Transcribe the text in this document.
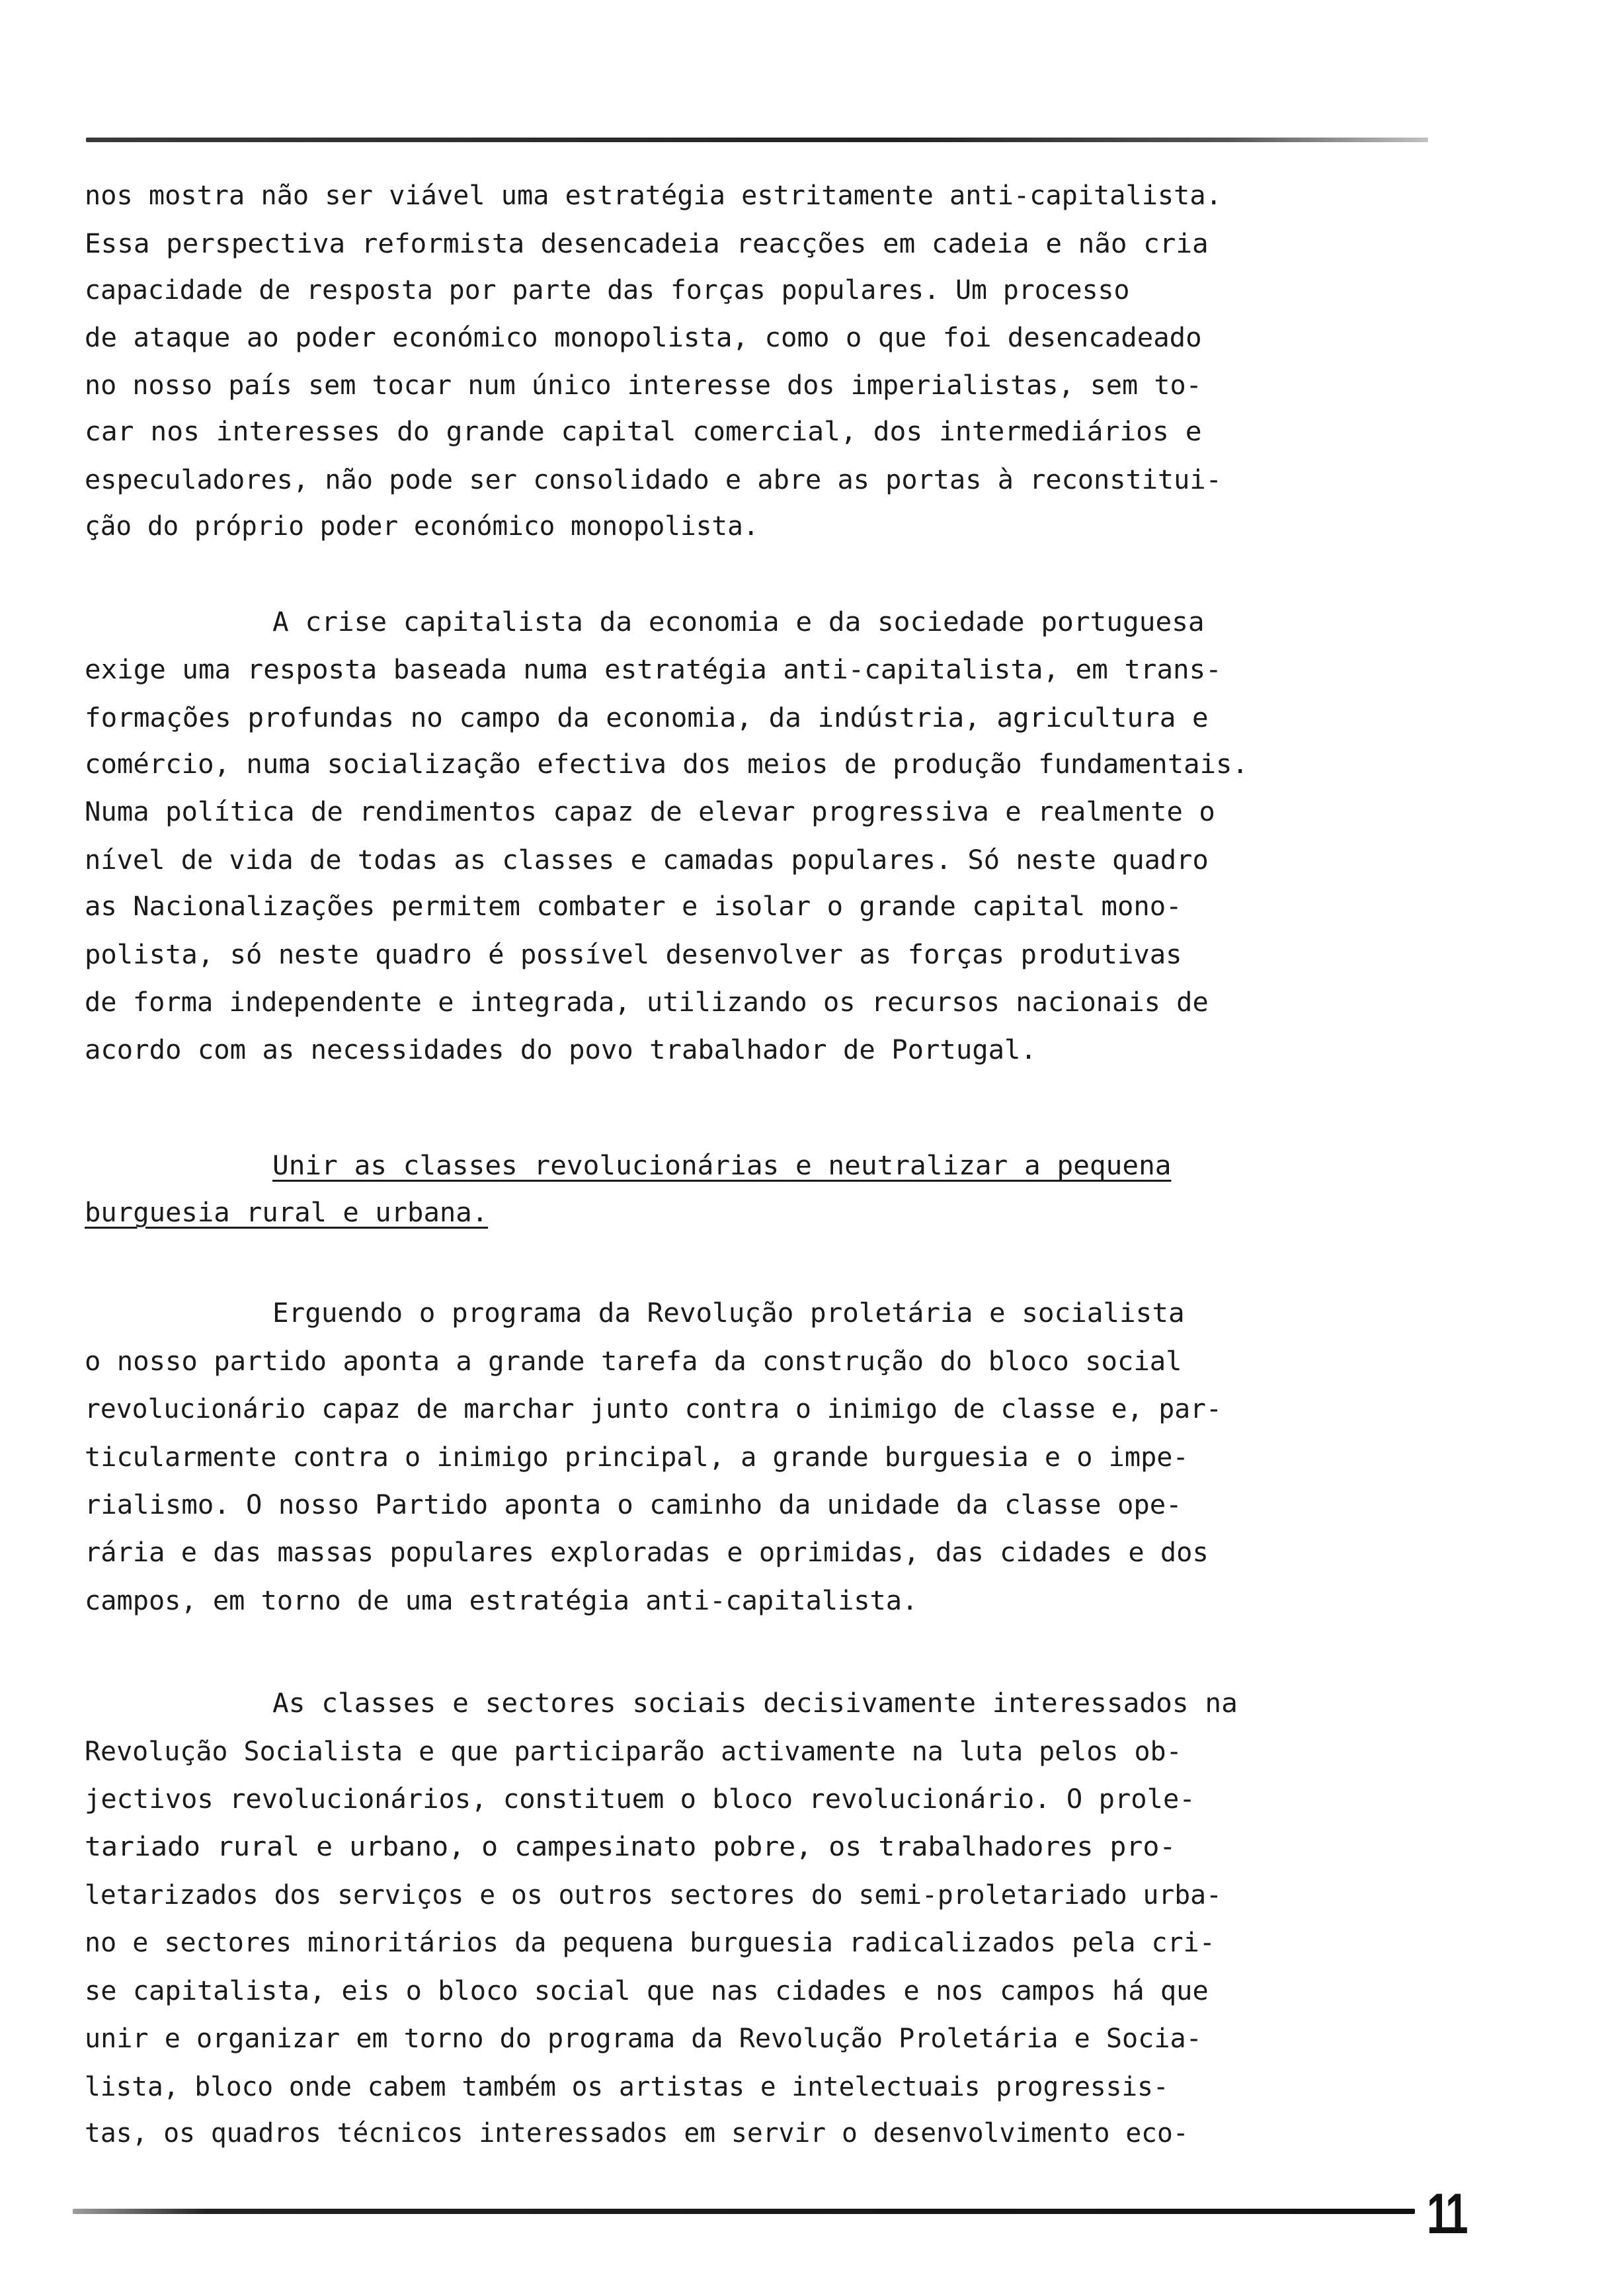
nos mostra não ser viável uma estratégia estritamente anti-capitalista.
Essa perspectiva reformista desencadeia reacções em cadeia e não cria
capacidade de resposta por parte das forças populares. Um processo
de ataque ao poder económico monopolista, como o que foi desencadeado
no nosso país sem tocar num único interesse dos imperialistas, sem to-
car nos interesses do grande capital comercial, dos intermediários e
especuladores, não pode ser consolidado e abre as portas à reconstitui-
ção do próprio poder económico monopolista.
A crise capitalista da economia e da sociedade portuguesa
exige uma resposta baseada numa estratégia anti-capitalista, em trans-
formações profundas no campo da economia, da indústria, agricultura e
comércio, numa socialização efectiva dos meios de produção fundamentais.
Numa política de rendimentos capaz de elevar progressiva e realmente o
nível de vida de todas as classes e camadas populares. Só neste quadro
as Nacionalizações permitem combater e isolar o grande capital mono-
polista, só neste quadro é possível desenvolver as forças produtivas
de forma independente e integrada, utilizando os recursos nacionais de
acordo com as necessidades do povo trabalhador de Portugal.
Unir as classes revolucionárias e neutralizar a pequena
burguesia rural e urbana.
Erguendo o programa da Revolução proletária e socialista
o nosso partido aponta a grande tarefa da construção do bloco social
revolucionário capaz de marchar junto contra o inimigo de classe e, par-
ticularmente contra o inimigo principal, a grande burguesia e o impe-
rialismo. O nosso Partido aponta o caminho da unidade da classe ope-
rária e das massas populares exploradas e oprimidas, das cidades e dos
campos, em torno de uma estratégia anti-capitalista.
As classes e sectores sociais decisivamente interessados na
Revolução Socialista e que participarão activamente na luta pelos ob-
jectivos revolucionários, constituem o bloco revolucionário. O prole-
tariado rural e urbano, o campesinato pobre, os trabalhadores pro-
letarizados dos serviços e os outros sectores do semi-proletariado urba-
no e sectores minoritários da pequena burguesia radicalizados pela cri-
se capitalista, eis o bloco social que nas cidades e nos campos há que
unir e organizar em torno do programa da Revolução Proletária e Socia-
lista, bloco onde cabem também os artistas e intelectuais progressis-
tas, os quadros técnicos interessados em servir o desenvolvimento eco-
11
